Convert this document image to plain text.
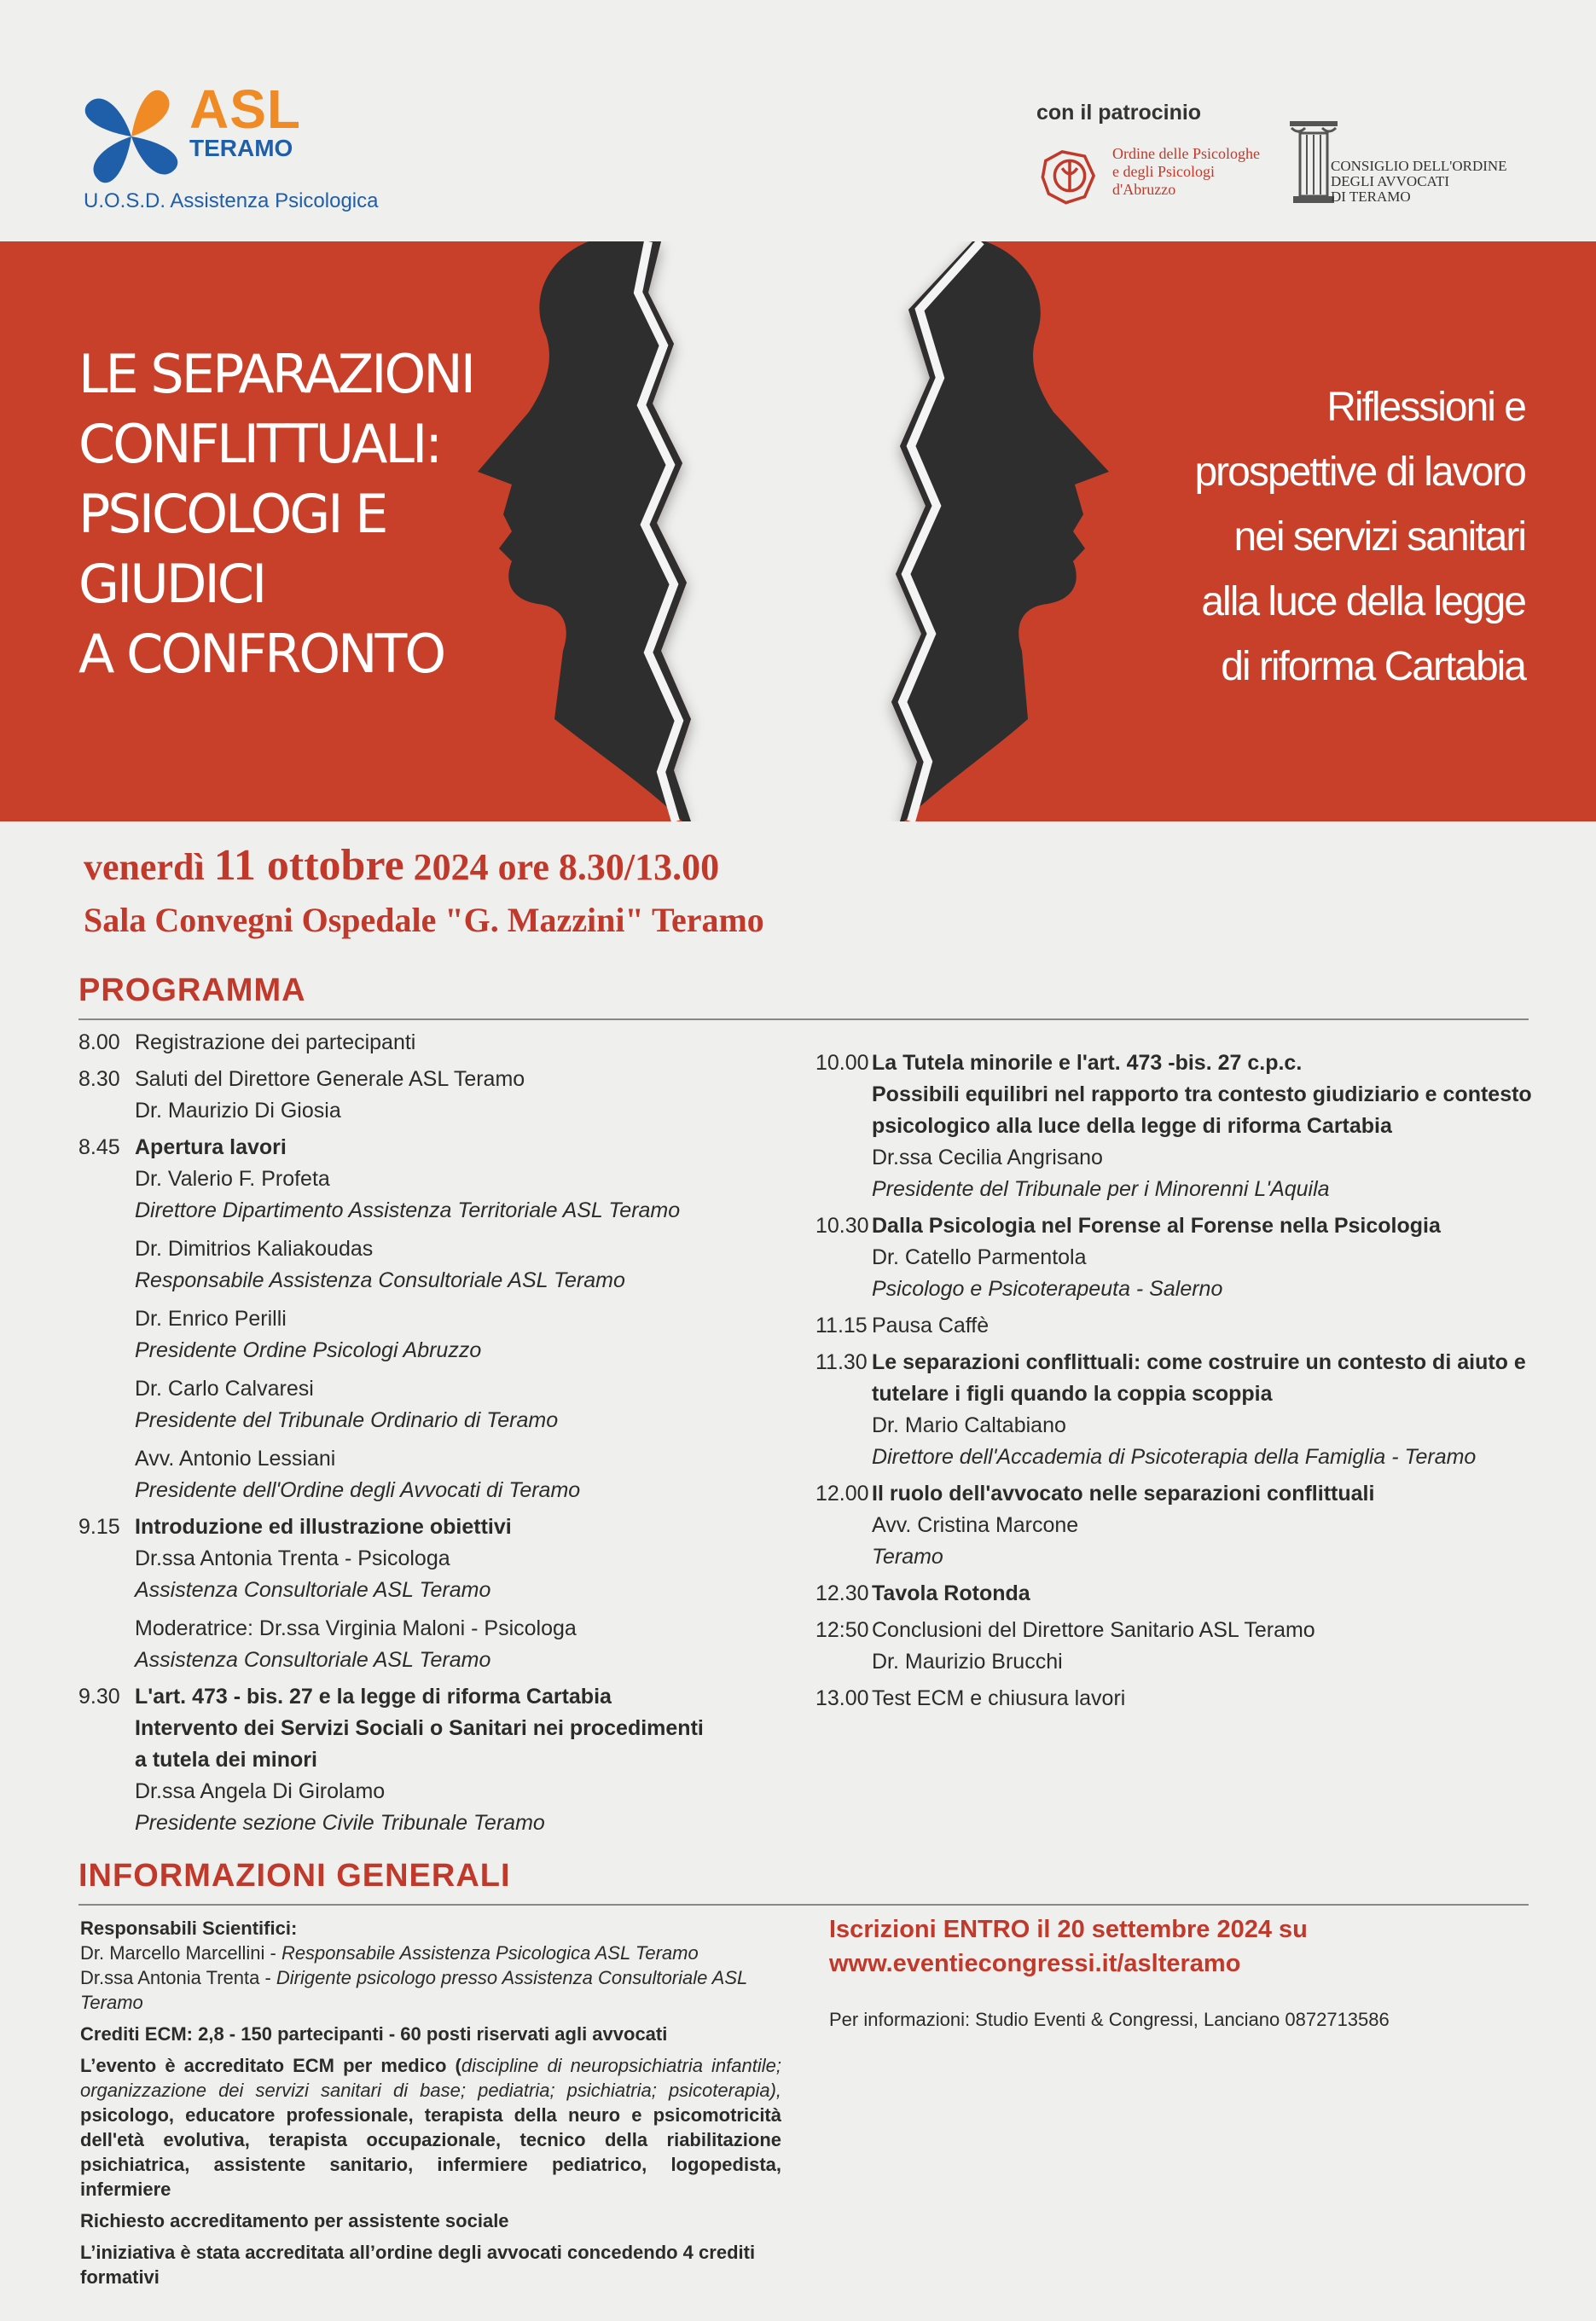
ASL
TERAMO
U.O.S.D. Assistenza Psicologica
con il patrocinio
Ordine delle Psicologhe
e degli Psicologi
d'Abruzzo
CONSIGLIO DELL'ORDINE
DEGLI AVVOCATI
DI TERAMO
LE SEPARAZIONI
CONFLITTUALI:
PSICOLOGI E
GIUDICI
A CONFRONTO
Riflessioni e
prospettive di lavoro
nei servizi sanitari
alla luce della legge
di riforma Cartabia
venerdì 11 ottobre 2024 ore 8.30/13.00
Sala Convegni Ospedale "G. Mazzini" Teramo
PROGRAMMA
8.00 Registrazione dei partecipanti
8.30 Saluti del Direttore Generale ASL Teramo
Dr. Maurizio Di Giosia
8.45 Apertura lavori
Dr. Valerio F. Profeta
Direttore Dipartimento Assistenza Territoriale ASL Teramo
Dr. Dimitrios Kaliakoudas
Responsabile Assistenza Consultoriale ASL Teramo
Dr. Enrico Perilli
Presidente Ordine Psicologi Abruzzo
Dr. Carlo Calvaresi
Presidente del Tribunale Ordinario di Teramo
Avv. Antonio Lessiani
Presidente dell'Ordine degli Avvocati di Teramo
9.15 Introduzione ed illustrazione obiettivi
Dr.ssa Antonia Trenta - Psicologa
Assistenza Consultoriale ASL Teramo
Moderatrice: Dr.ssa Virginia Maloni - Psicologa
Assistenza Consultoriale ASL Teramo
9.30 L'art. 473 - bis. 27 e la legge di riforma Cartabia
Intervento dei Servizi Sociali o Sanitari nei procedimenti
a tutela dei minori
Dr.ssa Angela Di Girolamo
Presidente sezione Civile Tribunale Teramo
10.00 La Tutela minorile e l'art. 473 -bis. 27 c.p.c.
Possibili equilibri nel rapporto tra contesto giudiziario e contesto
psicologico alla luce della legge di riforma Cartabia
Dr.ssa Cecilia Angrisano
Presidente del Tribunale per i Minorenni L'Aquila
10.30 Dalla Psicologia nel Forense al Forense nella Psicologia
Dr. Catello Parmentola
Psicologo e Psicoterapeuta - Salerno
11.15 Pausa Caffè
11.30 Le separazioni conflittuali: come costruire un contesto di aiuto e
tutelare i figli quando la coppia scoppia
Dr. Mario Caltabiano
Direttore dell'Accademia di Psicoterapia della Famiglia - Teramo
12.00 Il ruolo dell'avvocato nelle separazioni conflittuali
Avv. Cristina Marcone
Teramo
12.30 Tavola Rotonda
12:50 Conclusioni del Direttore Sanitario ASL Teramo
Dr. Maurizio Brucchi
13.00 Test ECM e chiusura lavori
INFORMAZIONI GENERALI

Responsabili Scientifici:

Dr. Marcello Marcellini - Responsabile Assistenza Psicologica ASL Teramo

Dr.ssa Antonia Trenta - Dirigente psicologo presso Assistenza Consultoriale ASL Teramo

Crediti ECM: 2,8 - 150 partecipanti - 60 posti riservati agli avvocati

L’evento è accreditato ECM per medico (discipline di neuropsichiatria infantile; organizzazione dei servizi sanitari di base; pediatria; psichiatria; psicoterapia), psicologo, educatore professionale, terapista della neuro e psicomotricità dell'età evolutiva, terapista occupazionale, tecnico della riabilitazione psichiatrica, assistente sanitario, infermiere pediatrico, logopedista, infermiere

Richiesto accreditamento per assistente sociale

L’iniziativa è stata accreditata all’ordine degli avvocati concedendo 4 crediti formativi

Iscrizioni ENTRO il 20 settembre 2024 su
www.eventiecongressi.it/aslteramo
Per informazioni: Studio Eventi & Congressi, Lanciano 0872713586
